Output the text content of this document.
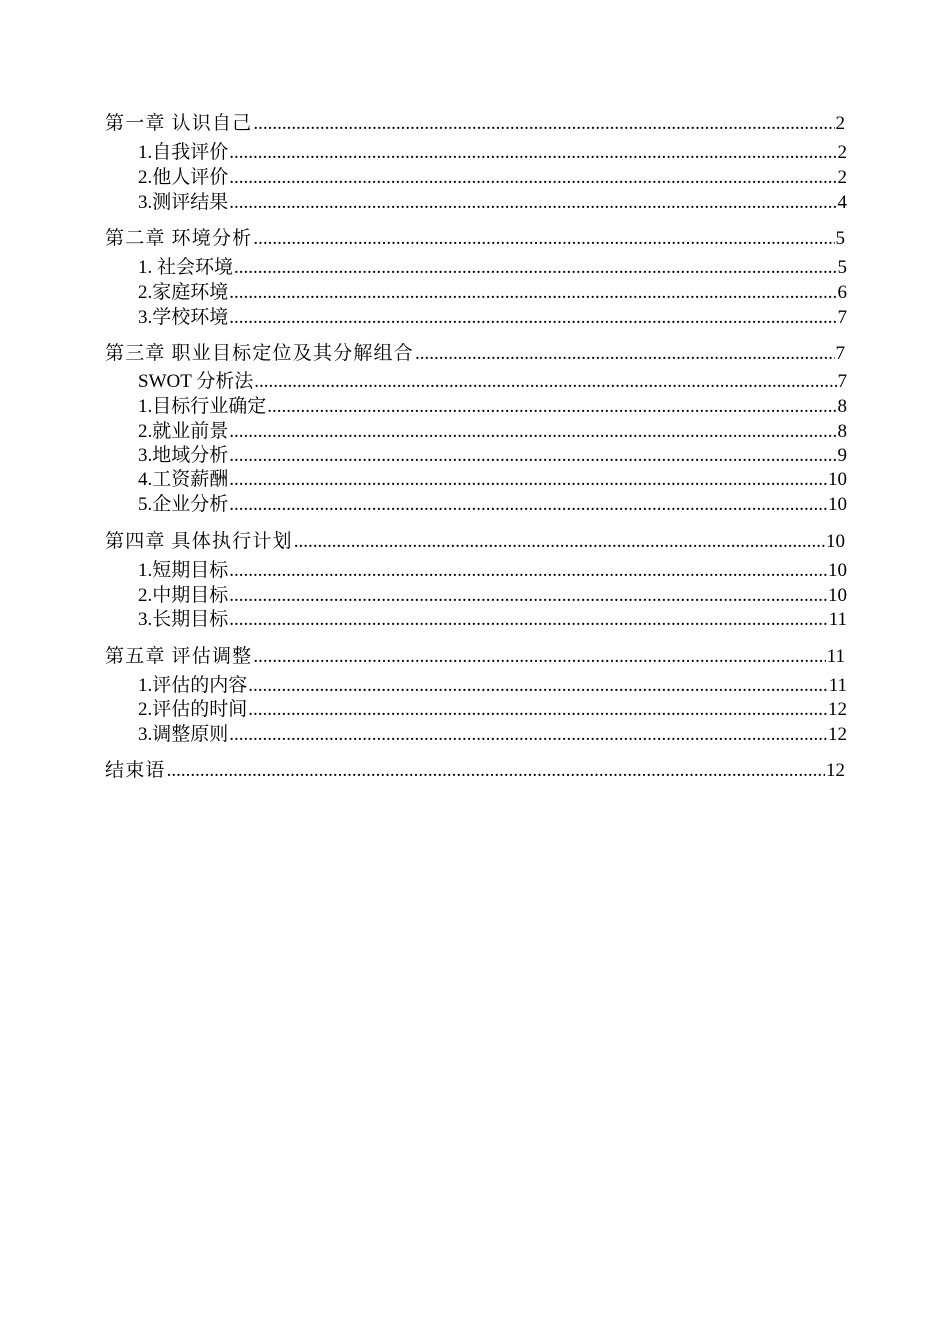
第一章 认识自己 .....	2
1.自我评价 .....	2
2.他人评价 .....	2
3.测评结果 .....	4
第二章 环境分析 .....	5
1. 社会环境 .....	5
2.家庭环境 .....	6
3.学校环境 .....	7
第三章 职业目标定位及其分解组合 .....	7
SWOT 分析法 .....	7
1.目标行业确定 .....	8
2.就业前景 .....	8
3.地域分析 .....	9
4.工资薪酬 .....	10
5.企业分析 .....	10
第四章 具体执行计划 .....	10
1.短期目标 .....	10
2.中期目标 .....	10
3.长期目标 .....	11
第五章 评估调整 .....	11
1.评估的内容 .....	11
2.评估的时间 .....	12
3.调整原则 .....	12
结束语 .....	12
